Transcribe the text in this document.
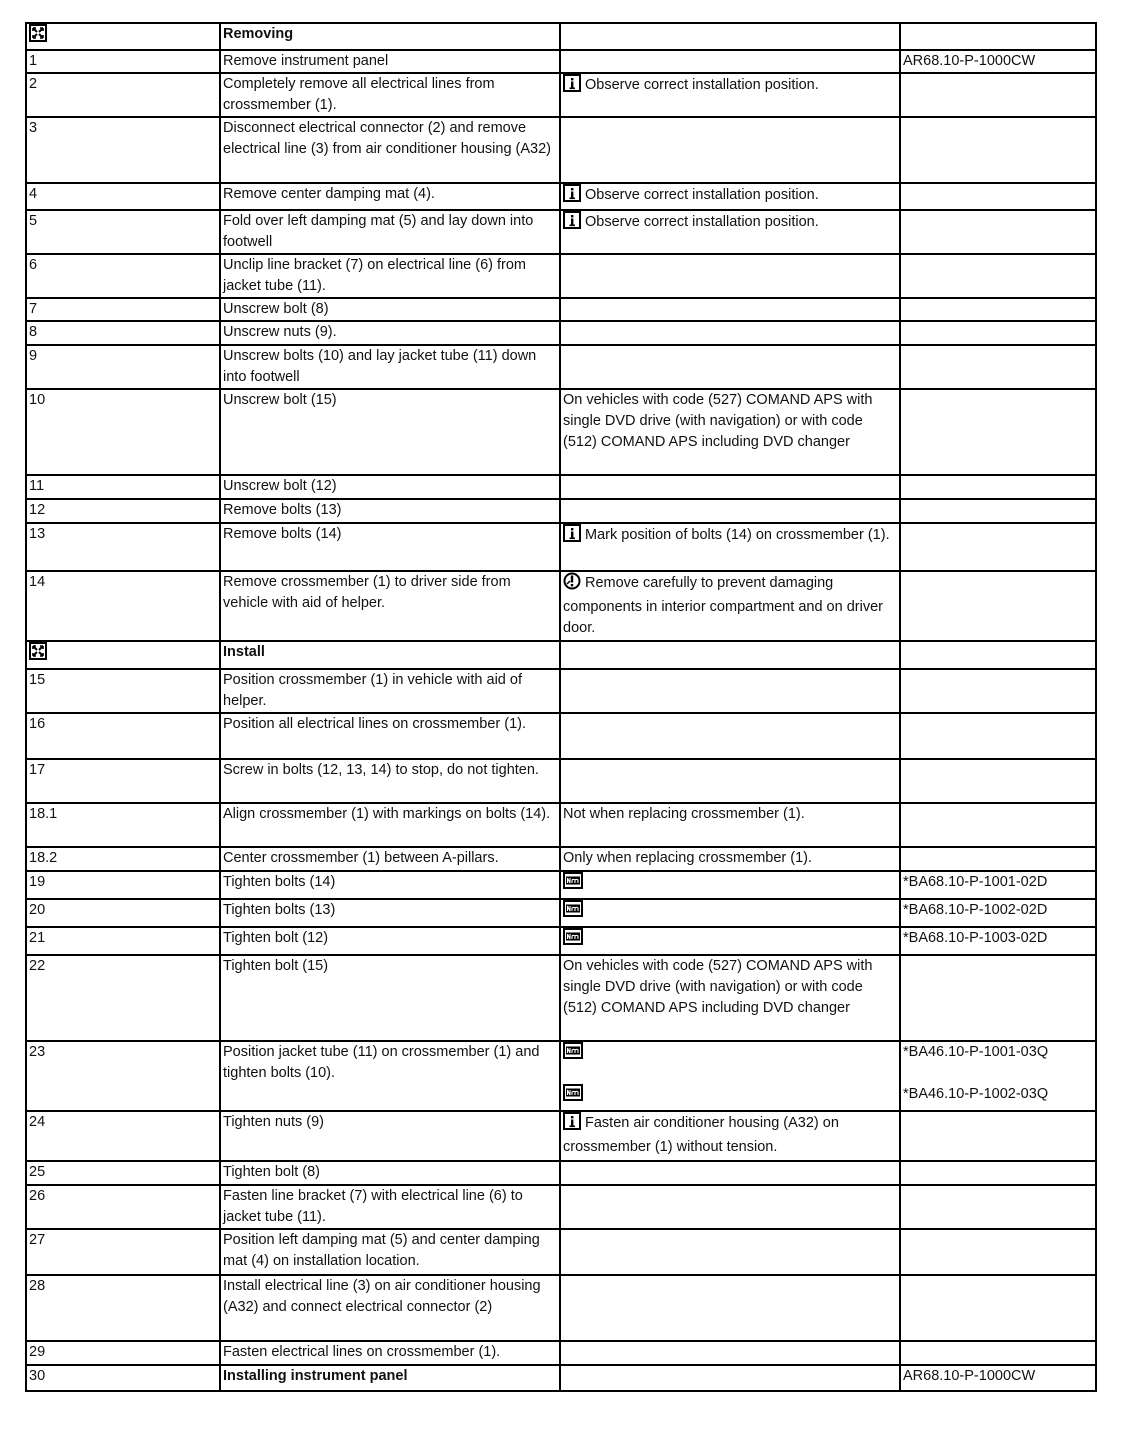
	Removing		
1	Remove instrument panel		AR68.10-P-1000CW
2	Completely remove all electrical lines from crossmember (1).	Observe correct installation position.	
3	Disconnect electrical connector (2) and remove electrical line (3) from air conditioner housing (A32)		
4	Remove center damping mat (4).	Observe correct installation position.	
5	Fold over left damping mat (5) and lay down into footwell	Observe correct installation position.	
6	Unclip line bracket (7) on electrical line (6) from jacket tube (11).		
7	Unscrew bolt (8)		
8	Unscrew nuts (9).		
9	Unscrew bolts (10) and lay jacket tube (11) down into footwell		
10	Unscrew bolt (15)	On vehicles with code (527) COMAND APS with single DVD drive (with navigation) or with code (512) COMAND APS including DVD changer	
11	Unscrew bolt (12)		
12	Remove bolts (13)		
13	Remove bolts (14)	Mark position of bolts (14) on crossmember (1).	
14	Remove crossmember (1) to driver side from vehicle with aid of helper.	Remove carefully to prevent damaging components in interior compartment and on driver door.	
	Install		
15	Position crossmember (1) in vehicle with aid of helper.		
16	Position all electrical lines on crossmember (1).		
17	Screw in bolts (12, 13, 14) to stop, do not tighten.		
18.1	Align crossmember (1) with markings on bolts (14).	Not when replacing crossmember (1).	
18.2	Center crossmember (1) between A-pillars.	Only when replacing crossmember (1).	
19	Tighten bolts (14)		*BA68.10-P-1001-02D
20	Tighten bolts (13)		*BA68.10-P-1002-02D
21	Tighten bolt (12)		*BA68.10-P-1003-02D
22	Tighten bolt (15)	On vehicles with code (527) COMAND APS with single DVD drive (with navigation) or with code (512) COMAND APS including DVD changer	
23	Position jacket tube (11) on crossmember (1) and tighten bolts (10).		*BA46.10-P-1001-03Q
*BA46.10-P-1002-03Q

24	Tighten nuts (9)	Fasten air conditioner housing (A32) on crossmember (1) without tension.	
25	Tighten bolt (8)		
26	Fasten line bracket (7) with electrical line (6) to jacket tube (11).		
27	Position left damping mat (5) and center damping mat (4) on installation location.		
28	Install electrical line (3) on air conditioner housing (A32) and connect electrical connector (2)		
29	Fasten electrical lines on crossmember (1).		
30	Installing instrument panel		AR68.10-P-1000CW
